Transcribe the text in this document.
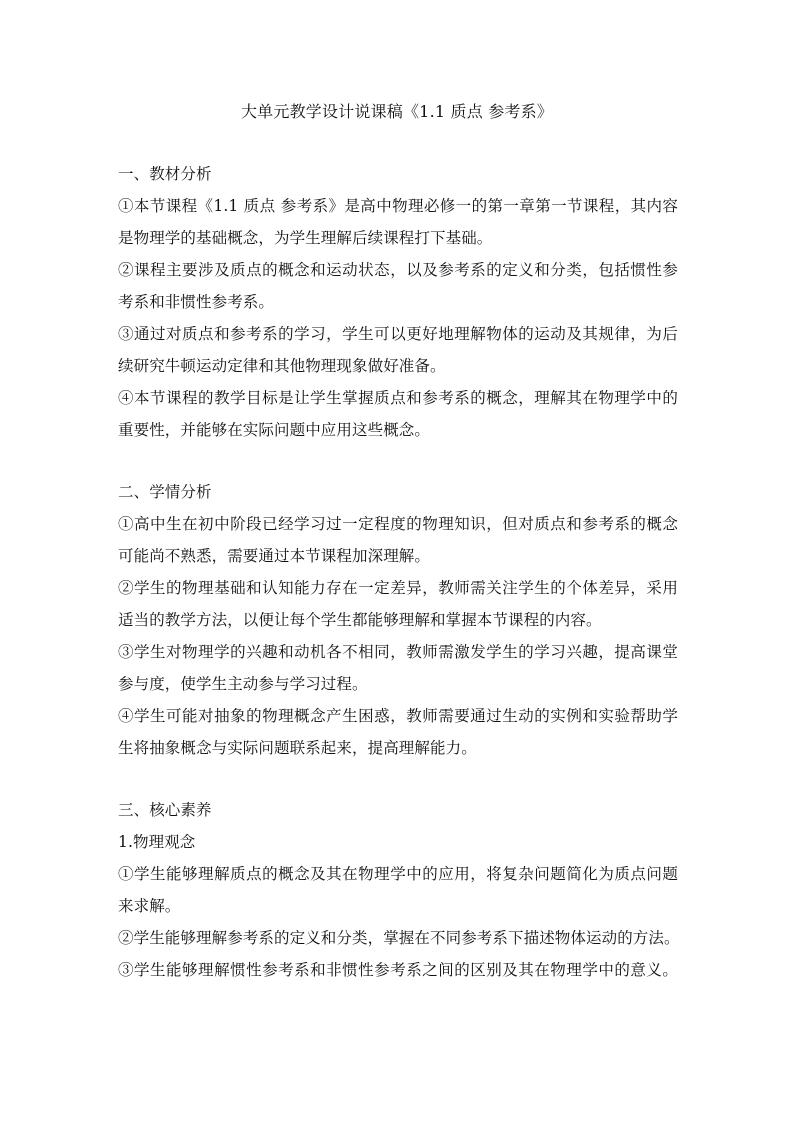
大单元教学设计说课稿《1.1 质点 参考系》
一、教材分析
①本节课程《1.1 质点 参考系》是高中物理必修一的第一章第一节课程，其内容
是物理学的基础概念，为学生理解后续课程打下基础。
②课程主要涉及质点的概念和运动状态，以及参考系的定义和分类，包括惯性参
考系和非惯性参考系。
③通过对质点和参考系的学习，学生可以更好地理解物体的运动及其规律，为后
续研究牛顿运动定律和其他物理现象做好准备。
④本节课程的教学目标是让学生掌握质点和参考系的概念，理解其在物理学中的
重要性，并能够在实际问题中应用这些概念。
二、学情分析
①高中生在初中阶段已经学习过一定程度的物理知识，但对质点和参考系的概念
可能尚不熟悉，需要通过本节课程加深理解。
②学生的物理基础和认知能力存在一定差异，教师需关注学生的个体差异，采用
适当的教学方法，以便让每个学生都能够理解和掌握本节课程的内容。
③学生对物理学的兴趣和动机各不相同，教师需激发学生的学习兴趣，提高课堂
参与度，使学生主动参与学习过程。
④学生可能对抽象的物理概念产生困惑，教师需要通过生动的实例和实验帮助学
生将抽象概念与实际问题联系起来，提高理解能力。
三、核心素养
1.物理观念
①学生能够理解质点的概念及其在物理学中的应用，将复杂问题简化为质点问题
来求解。
②学生能够理解参考系的定义和分类，掌握在不同参考系下描述物体运动的方法。
③学生能够理解惯性参考系和非惯性参考系之间的区别及其在物理学中的意义。
